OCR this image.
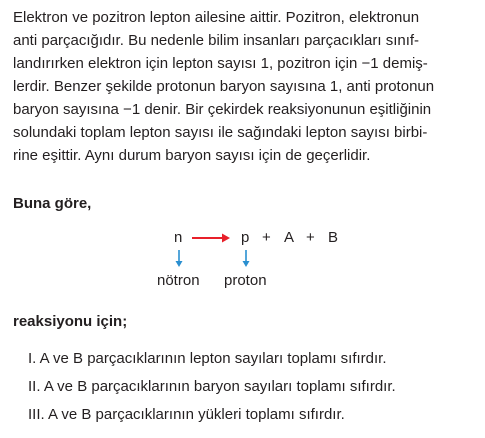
Elektron ve pozitron lepton ailesine aittir. Pozitron, elektronun
anti parçacığıdır. Bu nedenle bilim insanları parçacıkları sınıf-
landırırken elektron için lepton sayısı 1, pozitron için −1 demiş-
lerdir. Benzer şekilde protonun baryon sayısına 1, anti protonun
baryon sayısına −1 denir. Bir çekirdek reaksiyonunun eşitliğinin
solundaki toplam lepton sayısı ile sağındaki lepton sayısı birbi-
rine eşittir. Aynı durum baryon sayısı için de geçerlidir.

Buna göre,

n → p + A + B
nötron proton

reaksiyonu için;

I. A ve B parçacıklarının lepton sayıları toplamı sıfırdır.
II. A ve B parçacıklarının baryon sayıları toplamı sıfırdır.
III. A ve B parçacıklarının yükleri toplamı sıfırdır.
